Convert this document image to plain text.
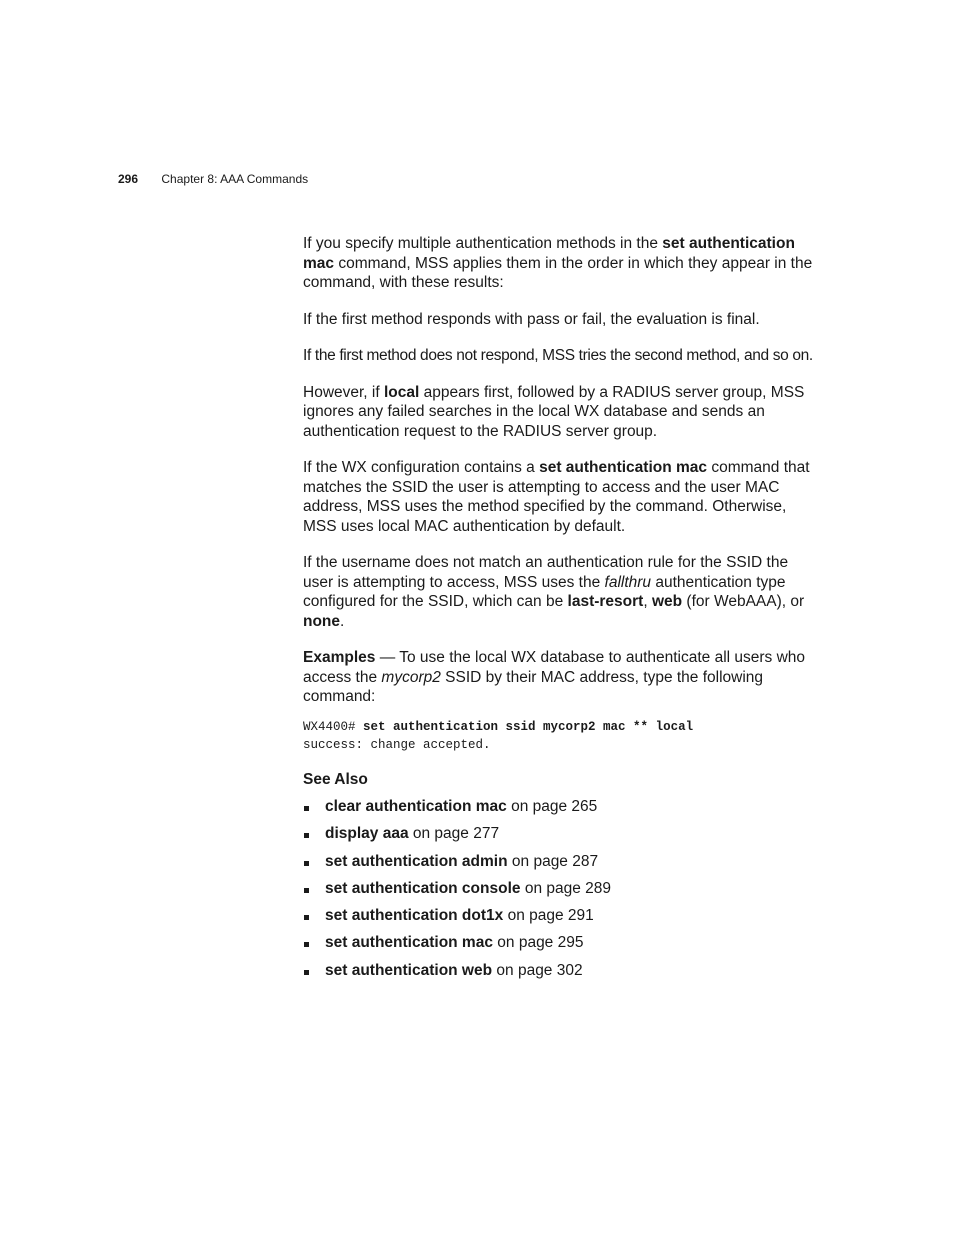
296 Chapter 8: AAA Commands

If you specify multiple authentication methods in the set authentication mac command, MSS applies them in the order in which they appear in the command, with these results:

If the first method responds with pass or fail, the evaluation is final.

If the first method does not respond, MSS tries the second method, and so on.

However, if local appears first, followed by a RADIUS server group, MSS ignores any failed searches in the local WX database and sends an authentication request to the RADIUS server group.

If the WX configuration contains a set authentication mac command that matches the SSID the user is attempting to access and the user MAC address, MSS uses the method specified by the command. Otherwise, MSS uses local MAC authentication by default.

If the username does not match an authentication rule for the SSID the user is attempting to access, MSS uses the fallthru authentication type configured for the SSID, which can be last-resort, web (for WebAAA), or none.

Examples — To use the local WX database to authenticate all users who access the mycorp2 SSID by their MAC address, type the following command:

WX4400# set authentication ssid mycorp2 mac ** local
success: change accepted.
See Also
clear authentication mac on page 265
display aaa on page 277
set authentication admin on page 287
set authentication console on page 289
set authentication dot1x on page 291
set authentication mac on page 295
set authentication web on page 302
